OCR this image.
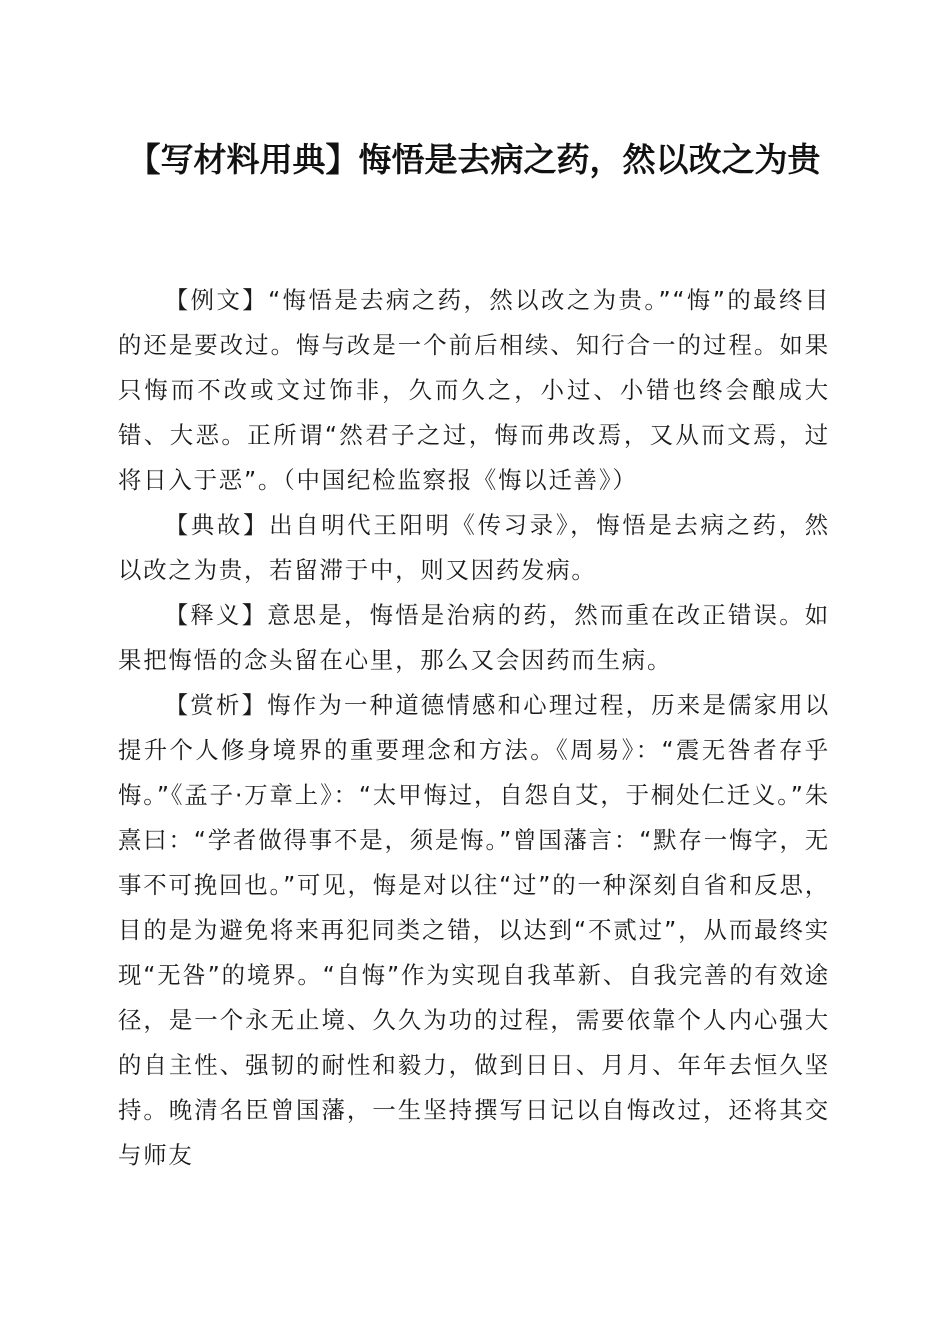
【写材料用典】悔悟是去病之药，然以改之为贵

【例文】“悔悟是去病之药，然以改之为贵。”“悔”的最终目的还是要改过。悔与改是一个前后相续、知行合一的过程。如果只悔而不改或文过饰非，久而久之，小过、小错也终会酿成大错、大恶。正所谓“然君子之过，悔而弗改焉，又从而文焉，过将日入于恶”。（中国纪检监察报《悔以迁善》）

【典故】出自明代王阳明《传习录》，悔悟是去病之药，然以改之为贵，若留滞于中，则又因药发病。

【释义】意思是，悔悟是治病的药，然而重在改正错误。如果把悔悟的念头留在心里，那么又会因药而生病。

【赏析】悔作为一种道德情感和心理过程，历来是儒家用以提升个人修身境界的重要理念和方法。《周易》：“震无咎者存乎悔。”《孟子·万章上》：“太甲悔过，自怨自艾，于桐处仁迁义。”朱熹曰：“学者做得事不是，须是悔。”曾国藩言：“默存一悔字，无事不可挽回也。”可见，悔是对以往“过”的一种深刻自省和反思，目的是为避免将来再犯同类之错，以达到“不贰过”，从而最终实现“无咎”的境界。“自悔”作为实现自我革新、自我完善的有效途径，是一个永无止境、久久为功的过程，需要依靠个人内心强大的自主性、强韧的耐性和毅力，做到日日、月月、年年去恒久坚持。晚清名臣曾国藩，一生坚持撰写日记以自悔改过，还将其交与师友
